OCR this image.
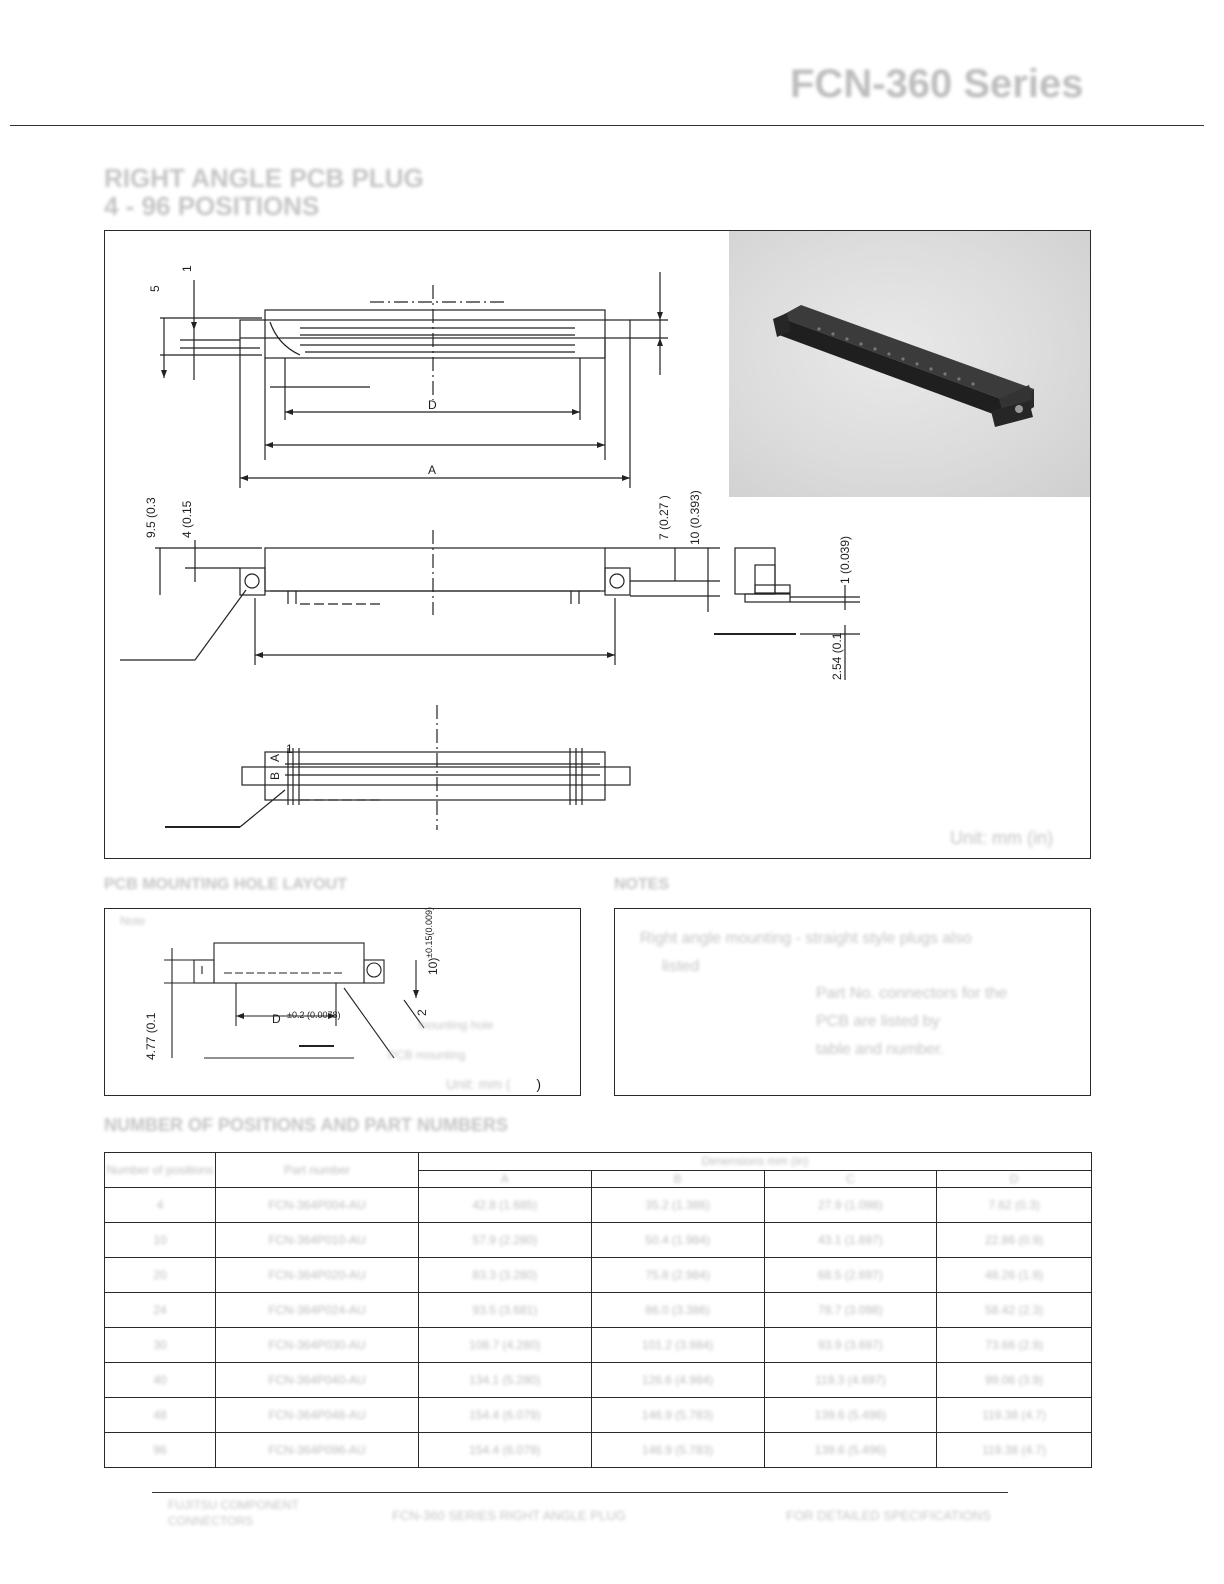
FCN-360 Series
RIGHT ANGLE PCB PLUG
4 - 96 POSITIONS
5
1
D
A
9.5 (0.3 4 (0.15	7 (0.27 ) 10 (0.393)
1 (0.039)
2.54 (0.1
B
A
1
Unit: mm (in)
PCB MOUNTING HOLE LAYOUT
Note
4.77 (0.1
10)
±0.15(0.009)
D ±0.2 (0.0078)	2
mounting hole
PCB mounting
Unit: mm ( )
NOTES
Right angle mounting - straight style plugs also
listed
Part No. connectors for the
PCB are listed by
table and number.
NUMBER OF POSITIONS AND PART NUMBERS
Number of positions	Part number	Dimensions mm (in)			
		A	B	C	D
4	FCN-364P004-AU	42.8 (1.685)	35.2 (1.386)	27.9 (1.098)	7.62 (0.3)
10	FCN-364P010-AU	57.9 (2.280)	50.4 (1.984)	43.1 (1.697)	22.86 (0.9)
20	FCN-364P020-AU	83.3 (3.280)	75.8 (2.984)	68.5 (2.697)	48.26 (1.9)
24	FCN-364P024-AU	93.5 (3.681)	86.0 (3.386)	78.7 (3.098)	58.42 (2.3)
30	FCN-364P030-AU	108.7 (4.280)	101.2 (3.984)	93.9 (3.697)	73.66 (2.9)
40	FCN-364P040-AU	134.1 (5.280)	126.6 (4.984)	119.3 (4.697)	99.06 (3.9)
48	FCN-364P048-AU	154.4 (6.079)	146.9 (5.783)	139.6 (5.496)	119.38 (4.7)
96	FCN-364P096-AU	154.4 (6.079)	146.9 (5.783)	139.6 (5.496)	119.38 (4.7)
FUJITSU COMPONENT
CONNECTORS	FCN-360 SERIES RIGHT ANGLE PLUG	FOR DETAILED SPECIFICATIONS
